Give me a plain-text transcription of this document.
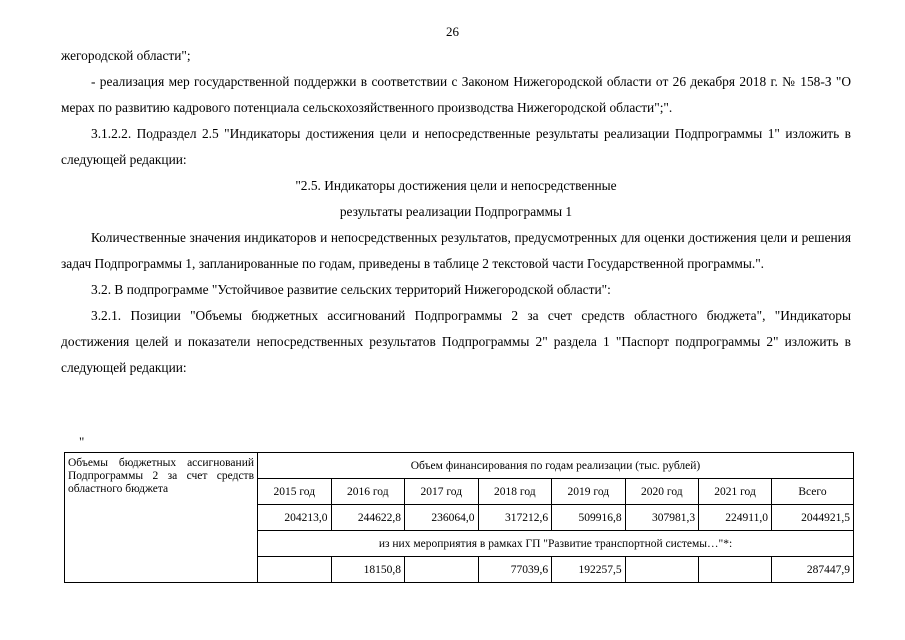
26

жегородской области";

- реализация мер государственной поддержки в соответствии с Законом Нижегородской области от 26 декабря 2018 г. № 158-З "О мерах по развитию кадрового потенциала сельскохозяйственного производства Нижегородской области";".

3.1.2.2. Подраздел 2.5 "Индикаторы достижения цели и непосредственные результаты реализации Подпрограммы 1" изложить в следующей редакции:

"2.5. Индикаторы достижения цели и непосредственные

результаты реализации Подпрограммы 1

Количественные значения индикаторов и непосредственных результатов, предусмотренных для оценки достижения цели и решения задач Подпрограммы 1, запланированные по годам, приведены в таблице 2 текстовой части Государственной программы.".

3.2. В подпрограмме "Устойчивое развитие сельских территорий Нижегородской области":

3.2.1. Позиции "Объемы бюджетных ассигнований Подпрограммы 2 за счет средств областного бюджета", "Индикаторы достижения целей и показатели непосредственных результатов Подпрограммы 2" раздела 1 "Паспорт подпрограммы 2" изложить в следующей редакции:

"
Объемы бюджетных ассигнований Подпрограммы 2 за счет средств областного бюджета	Объем финансирования по годам реализации (тыс. рублей)							
	2015 год	2016 год	2017 год	2018 год	2019 год	2020 год	2021 год	Всего
	204213,0	244622,8	236064,0	317212,6	509916,8	307981,3	224911,0	2044921,5
	из них мероприятия в рамках ГП "Развитие транспортной системы…"*:							
		18150,8		77039,6	192257,5			287447,9
